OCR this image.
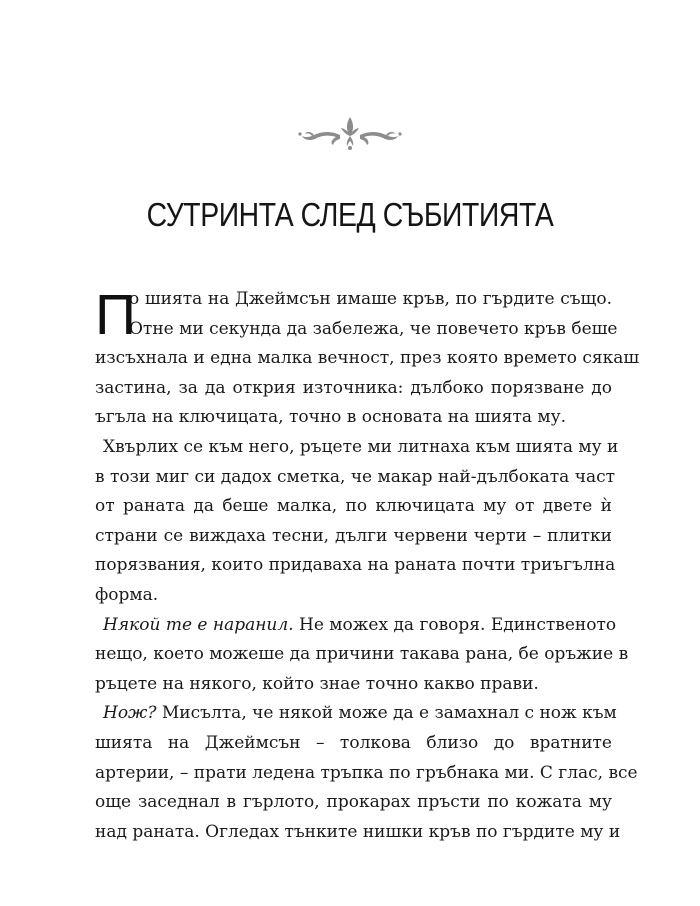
СУТРИНТА СЛЕД СЪБИТИЯТА
П
о шията на Джеймсън имаше кръв, по гърдите също.
Отне ми секунда да забележа, че повечето кръв беше
изсъхнала и една малка вечност, през която времето сякаш
застина, за да открия източника: дълбоко порязване до
ъгъла на ключицата, точно в основата на шията му.
Хвърлих се към него, ръцете ми литнаха към шията му и
в този миг си дадох сметка, че макар най-дълбоката част
от раната да беше малка, по ключицата му от двете ѝ
страни се виждаха тесни, дълги червени черти – плитки
порязвания, които придаваха на раната почти триъгълна
форма.
Някой те е наранил. Не можех да говоря. Единственото
нещо, което можеше да причини такава рана, бе оръжие в
ръцете на някого, който знае точно какво прави.
Нож? Мисълта, че някой може да е замахнал с нож към
шията на Джеймсън – толкова близо до вратните
артерии, – прати ледена тръпка по гръбнака ми. С глас, все
още заседнал в гърлото, прокарах пръсти по кожата му
над раната. Огледах тънките нишки кръв по гърдите му и
